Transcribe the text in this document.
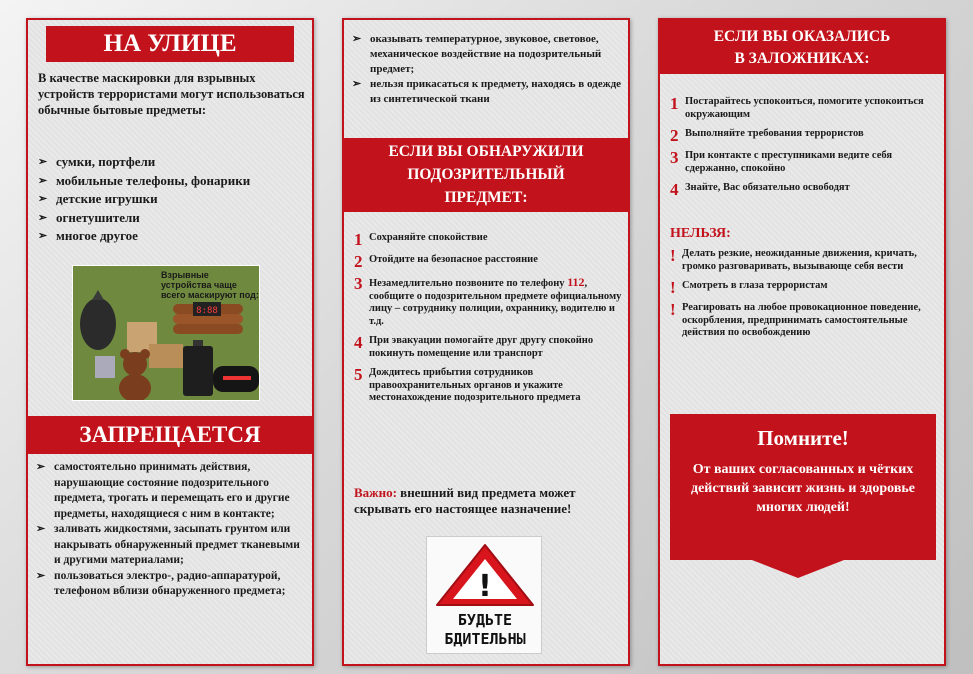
НА УЛИЦЕ
В качестве маскировки для взрывных устройств террористами могут использоваться обычные бытовые предметы:
➢ сумки, портфели
➢ мобильные телефоны, фонарики
➢ детские игрушки
➢ огнетушители
➢ многое другое
Взрывные устройства чаще всего маскируют под:
8:88
ЗАПРЕЩАЕТСЯ
➢ самостоятельно принимать действия, нарушающие состояние подозрительного предмета, трогать и перемещать его и другие предметы, находящиеся с ним в контакте;
➢ заливать жидкостями, засыпать грунтом или накрывать обнаруженный предмет тканевыми и другими материалами;
➢ пользоваться электро-, радио-аппаратурой, телефоном вблизи обнаруженного предмета;
➢ оказывать температурное, звуковое, световое, механическое воздействие на подозрительный предмет;
➢ нельзя прикасаться к предмету, находясь в одежде из синтетической ткани
ЕСЛИ ВЫ ОБНАРУЖИЛИ ПОДОЗРИТЕЛЬНЫЙ ПРЕДМЕТ:
1 Сохраняйте спокойствие
2 Отойдите на безопасное расстояние
3 Незамедлительно позвоните по телефону 112, сообщите о подозрительном предмете официальному лицу – сотруднику полиции, охраннику, водителю и т.д.
4 При эвакуации помогайте друг другу спокойно покинуть помещение или транспорт
5 Дождитесь прибытия сотрудников правоохранительных органов и укажите местонахождение подозрительного предмета
Важно: внешний вид предмета может скрывать его настоящее назначение!
!
БУДЬТЕ
БДИТЕЛЬНЫ
ЕСЛИ ВЫ ОКАЗАЛИСЬ В ЗАЛОЖНИКАХ:
1 Постарайтесь успокоиться, помогите успокоиться окружающим
2 Выполняйте требования террористов
3 При контакте с преступниками ведите себя сдержанно, спокойно
4 Знайте, Вас обязательно освободят
НЕЛЬЗЯ:
! Делать резкие, неожиданные движения, кричать, громко разговаривать, вызывающе себя вести
! Смотреть в глаза террористам
! Реагировать на любое провокационное поведение, оскорбления, предпринимать самостоятельные действия по освобождению
Помните!
От ваших согласованных и чётких действий зависит жизнь и здоровье многих людей!
